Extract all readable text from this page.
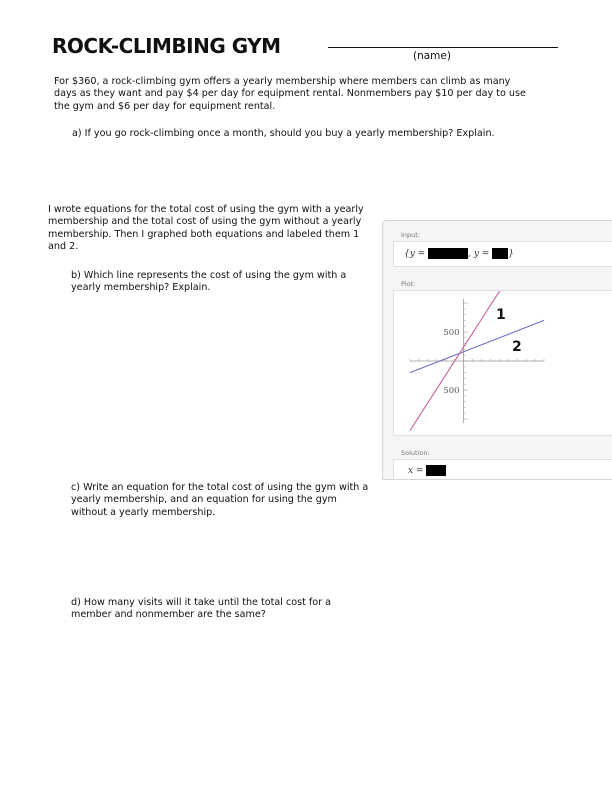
ROCK-CLIMBING GYM	(name)
For $360, a rock-climbing gym offers a yearly membership where members can climb as many days as they want and pay $4 per day for equipment rental. Nonmembers pay $10 per day to use the gym and $6 per day for equipment rental.
a) If you go rock-climbing once a month, should you buy a yearly membership? Explain.
I wrote equations for the total cost of using the gym with a yearly membership and the total cost of using the gym without a yearly membership. Then I graphed both equations and labeled them 1 and 2.
b) Which line represents the cost of using the gym with a yearly membership? Explain.
c) Write an equation for the total cost of using the gym with a yearly membership, and an equation for using the gym without a yearly membership.
d) How many visits will it take until the total cost for a member and nonmember are the same?
Input:
{y =	, y = }
Plot:
500
500
1
2
Solution:
x =
